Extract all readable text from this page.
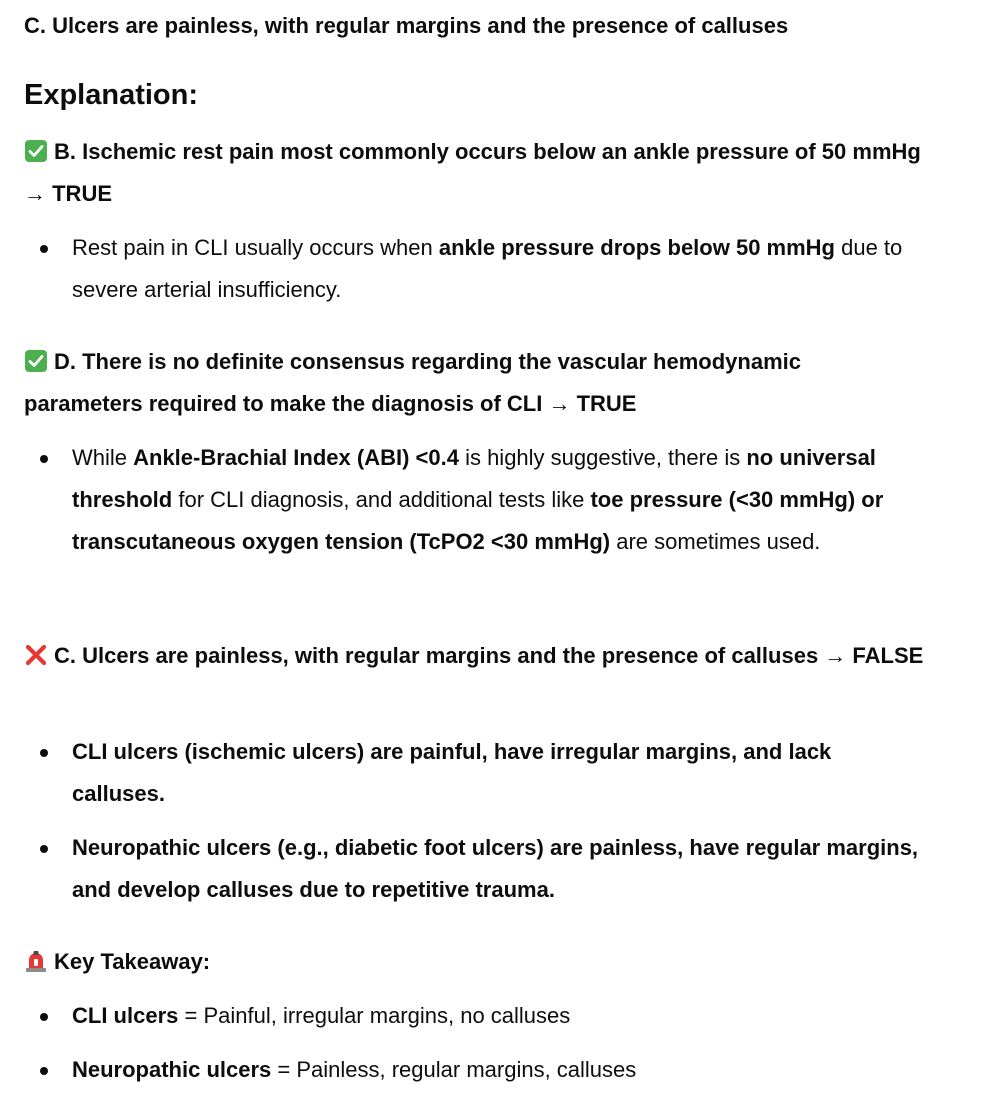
C. Ulcers are painless, with regular margins and the presence of calluses
Explanation:
B. Ischemic rest pain most commonly occurs below an ankle pressure of 50 mmHg → TRUE
Rest pain in CLI usually occurs when ankle pressure drops below 50 mmHg due to severe arterial insufficiency.
D. There is no definite consensus regarding the vascular hemodynamic parameters required to make the diagnosis of CLI → TRUE
While Ankle-Brachial Index (ABI) <0.4 is highly suggestive, there is no universal threshold for CLI diagnosis, and additional tests like toe pressure (<30 mmHg) or transcutaneous oxygen tension (TcPO2 <30 mmHg) are sometimes used.
C. Ulcers are painless, with regular margins and the presence of calluses → FALSE
CLI ulcers (ischemic ulcers) are painful, have irregular margins, and lack calluses.
Neuropathic ulcers (e.g., diabetic foot ulcers) are painless, have regular margins, and develop calluses due to repetitive trauma.
Key Takeaway:
CLI ulcers = Painful, irregular margins, no calluses
Neuropathic ulcers = Painless, regular margins, calluses
